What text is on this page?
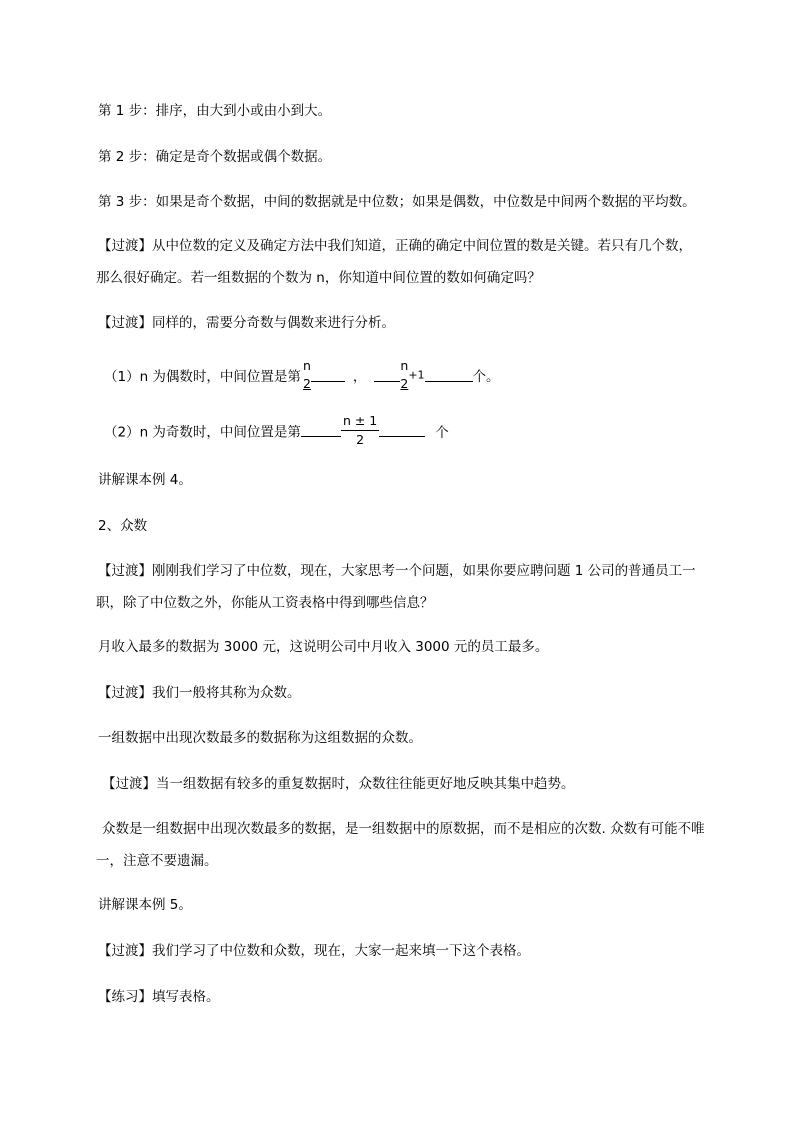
第 1 步：排序，由大到小或由小到大。
第 2 步：确定是奇个数据或偶个数据。
第 3 步：如果是奇个数据，中间的数据就是中位数；如果是偶数，中位数是中间两个数据的平均数。
【过渡】从中位数的定义及确定方法中我们知道，正确的确定中间位置的数是关键。若只有几个数，
那么很好确定。若一组数据的个数为 n，你知道中间位置的数如何确定吗？
【过渡】同样的，需要分奇数与偶数来进行分析。
（1）n 为偶数时，中间位置是第
n
2	，
n
2
+1	个。
（2）n 为奇数时，中间位置是第	$\frac{n \pm 1}{2}$	个
讲解课本例 4。
2、众数
【过渡】刚刚我们学习了中位数，现在，大家思考一个问题，如果你要应聘问题 1 公司的普通员工一
职，除了中位数之外，你能从工资表格中得到哪些信息？
月收入最多的数据为 3000 元，这说明公司中月收入 3000 元的员工最多。
【过渡】我们一般将其称为众数。
一组数据中出现次数最多的数据称为这组数据的众数。
【过渡】当一组数据有较多的重复数据时，众数往往能更好地反映其集中趋势。
众数是一组数据中出现次数最多的数据，是一组数据中的原数据，而不是相应的次数. 众数有可能不唯
一，注意不要遗漏。
讲解课本例 5。
【过渡】我们学习了中位数和众数，现在，大家一起来填一下这个表格。
【练习】填写表格。
